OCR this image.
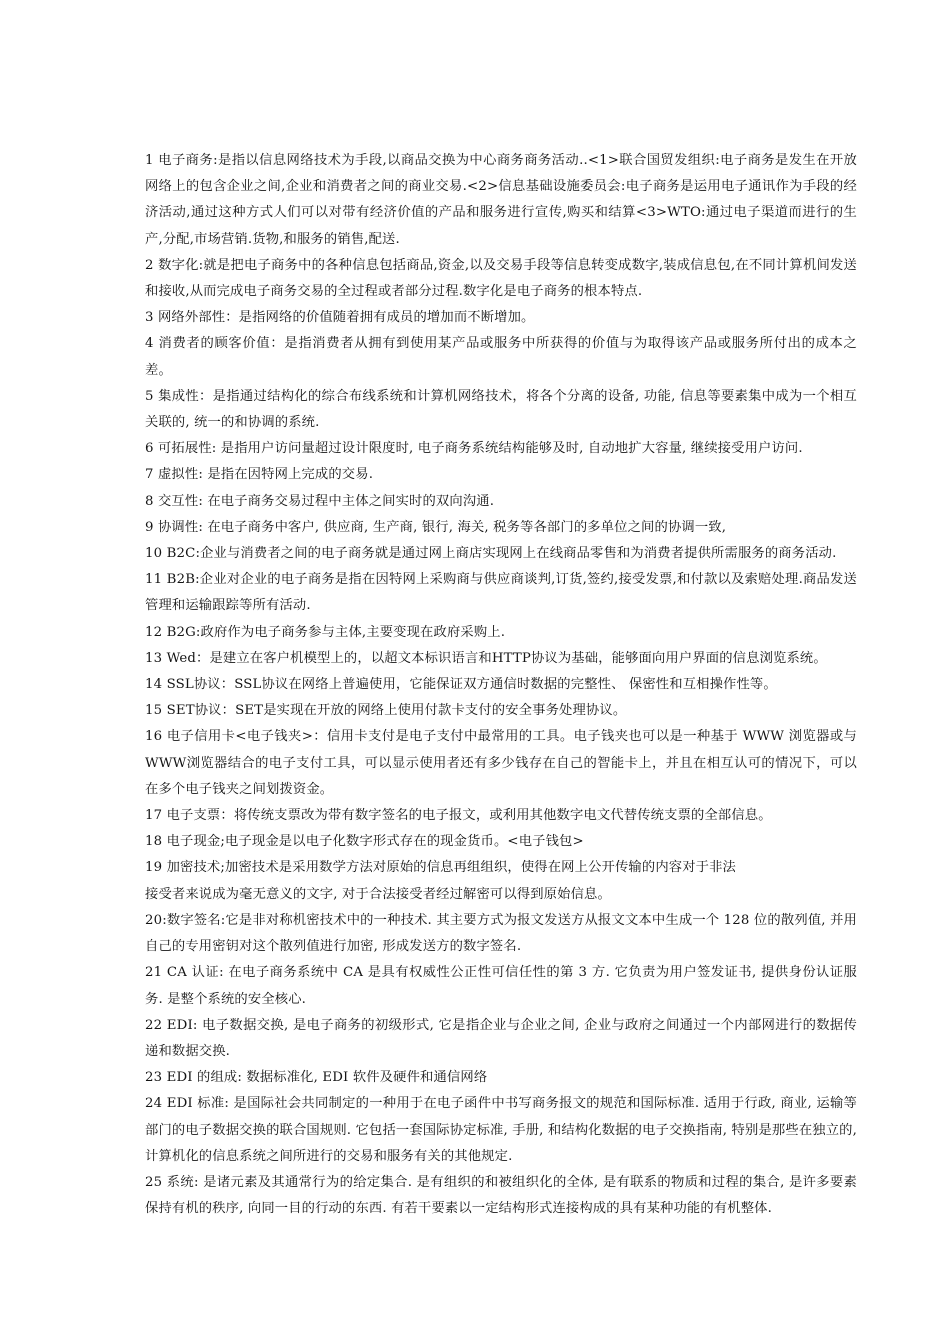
1 电子商务:是指以信息网络技术为手段,以商品交换为中心商务商务活动..<1>联合国贸发组织:电子商务是发生在开放网络上的包含企业之间,企业和消费者之间的商业交易.<2>信息基础设施委员会:电子商务是运用电子通讯作为手段的经济活动,通过这种方式人们可以对带有经济价值的产品和服务进行宣传,购买和结算<3>WTO:通过电子渠道而进行的生产,分配,市场营销.货物,和服务的销售,配送.

2 数字化:就是把电子商务中的各种信息包括商品,资金,以及交易手段等信息转变成数字,装成信息包,在不同计算机间发送和接收,从而完成电子商务交易的全过程或者部分过程.数字化是电子商务的根本特点.

3 网络外部性：是指网络的价值随着拥有成员的增加而不断增加。

4 消费者的顾客价值：是指消费者从拥有到使用某产品或服务中所获得的价值与为取得该产品或服务所付出的成本之差。

5 集成性：是指通过结构化的综合布线系统和计算机网络技术，将各个分离的设备, 功能, 信息等要素集中成为一个相互关联的, 统一的和协调的系统.

6 可拓展性: 是指用户访问量超过设计限度时, 电子商务系统结构能够及时, 自动地扩大容量, 继续接受用户访问.

7 虚拟性: 是指在因特网上完成的交易.

8 交互性: 在电子商务交易过程中主体之间实时的双向沟通.

9 协调性: 在电子商务中客户, 供应商, 生产商, 银行, 海关, 税务等各部门的多单位之间的协调一致,

10 B2C:企业与消费者之间的电子商务就是通过网上商店实现网上在线商品零售和为消费者提供所需服务的商务活动.

11 B2B:企业对企业的电子商务是指在因特网上采购商与供应商谈判,订货,签约,接受发票,和付款以及索赔处理.商品发送管理和运输跟踪等所有活动.

12 B2G:政府作为电子商务参与主体,主要变现在政府采购上.

13 Wed：是建立在客户机模型上的，以超文本标识语言和HTTP协议为基础，能够面向用户界面的信息浏览系统。

14 SSL协议：SSL协议在网络上普遍使用，它能保证双方通信时数据的完整性、 保密性和互相操作性等。

15 SET协议：SET是实现在开放的网络上使用付款卡支付的安全事务处理协议。

16 电子信用卡<电子钱夹>：信用卡支付是电子支付中最常用的工具。电子钱夹也可以是一种基于 WWW 浏览器或与WWW浏览器结合的电子支付工具，可以显示使用者还有多少钱存在自己的智能卡上，并且在相互认可的情况下，可以在多个电子钱夹之间划拨资金。

17 电子支票：将传统支票改为带有数字签名的电子报文，或利用其他数字电文代替传统支票的全部信息。

18 电子现金;电子现金是以电子化数字形式存在的现金货币。<电子钱包>

19 加密技术;加密技术是采用数学方法对原始的信息再组组织，使得在网上公开传输的内容对于非法

接受者来说成为毫无意义的文字, 对于合法接受者经过解密可以得到原始信息。

20:数字签名:它是非对称机密技术中的一种技术. 其主要方式为报文发送方从报文文本中生成一个 128 位的散列值, 并用自己的专用密钥对这个散列值进行加密, 形成发送方的数字签名.

21 CA 认证: 在电子商务系统中 CA 是具有权威性公正性可信任性的第 3 方. 它负责为用户签发证书, 提供身份认证服务. 是整个系统的安全核心.

22 EDI: 电子数据交换, 是电子商务的初级形式, 它是指企业与企业之间, 企业与政府之间通过一个内部网进行的数据传递和数据交换.

23 EDI 的组成: 数据标准化, EDI 软件及硬件和通信网络

24 EDI 标准: 是国际社会共同制定的一种用于在电子函件中书写商务报文的规范和国际标准. 适用于行政, 商业, 运输等部门的电子数据交换的联合国规则. 它包括一套国际协定标准, 手册, 和结构化数据的电子交换指南, 特别是那些在独立的, 计算机化的信息系统之间所进行的交易和服务有关的其他规定.

25 系统: 是诸元素及其通常行为的给定集合. 是有组织的和被组织化的全体, 是有联系的物质和过程的集合, 是许多要素保持有机的秩序, 向同一目的行动的东西. 有若干要素以一定结构形式连接构成的具有某种功能的有机整体.
